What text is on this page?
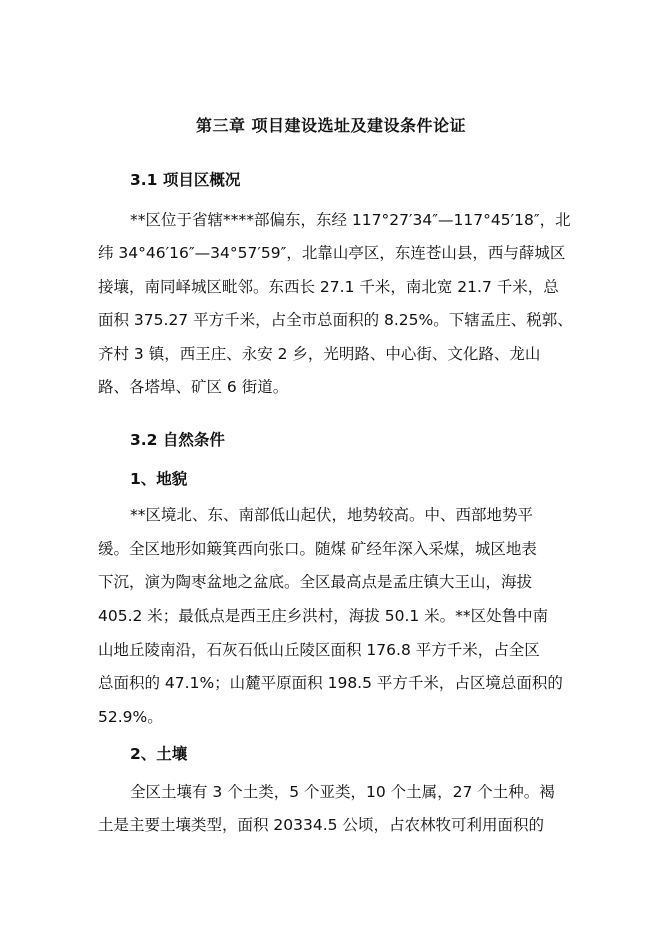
第三章 项目建设选址及建设条件论证
3.1 项目区概况

**区位于省辖****部偏东，东经 117°27′34″—117°45′18″，北

纬 34°46′16″—34°57′59″，北靠山亭区，东连苍山县，西与薛城区

接壤，南同峄城区毗邻。东西长 27.1 千米，南北宽 21.7 千米，总

面积 375.27 平方千米，占全市总面积的 8.25%。下辖孟庄、税郭、

齐村 3 镇，西王庄、永安 2 乡，光明路、中心街、文化路、龙山

路、各塔埠、矿区 6 街道。

3.2 自然条件
1、地貌

**区境北、东、南部低山起伏，地势较高。中、西部地势平

缓。全区地形如簸箕西向张口。随煤 矿经年深入采煤，城区地表

下沉，演为陶枣盆地之盆底。全区最高点是孟庄镇大王山，海拔

405.2 米；最低点是西王庄乡洪村，海拔 50.1 米。**区处鲁中南

山地丘陵南沿，石灰石低山丘陵区面积 176.8 平方千米，占全区

总面积的 47.1%；山麓平原面积 198.5 平方千米，占区境总面积的

52.9%。

2、土壤

全区土壤有 3 个土类，5 个亚类，10 个土属，27 个土种。褐

土是主要土壤类型，面积 20334.5 公顷，占农林牧可利用面积的
